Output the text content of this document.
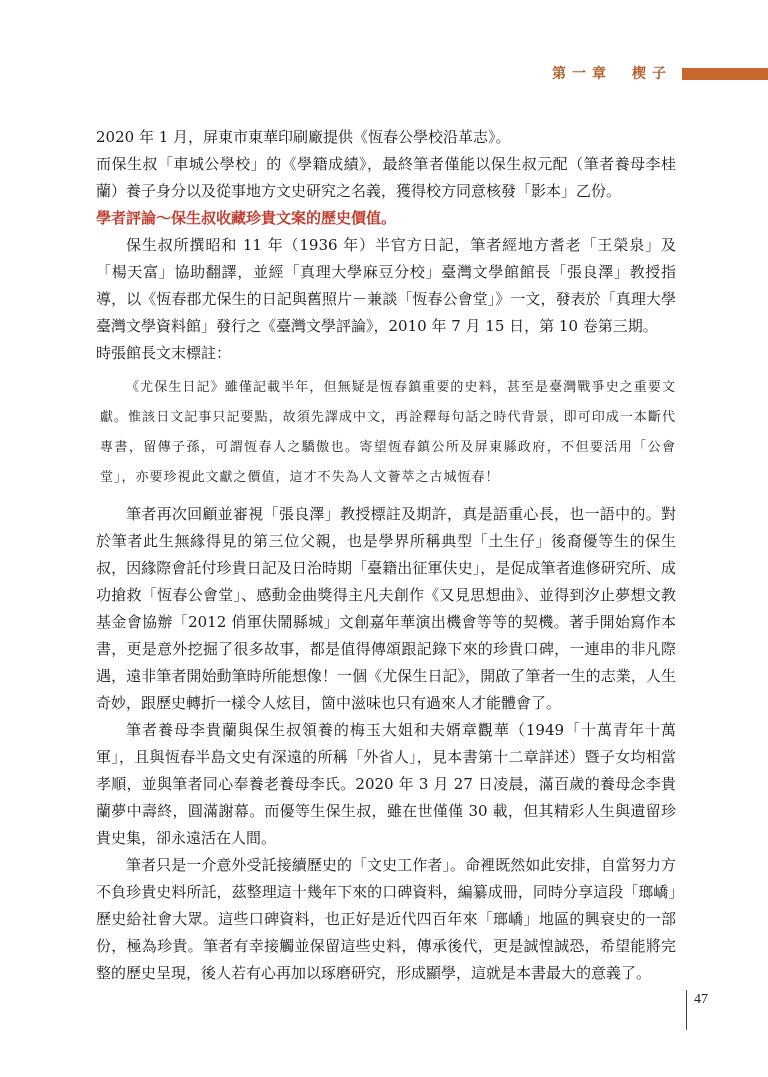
第一章　楔子

2020 年 1 月，屏東市東華印刷廠提供《恆春公學校沿革志》。

而保生叔「車城公學校」的《學籍成績》，最終筆者僅能以保生叔元配（筆者養母李桂蘭）養子身分以及從事地方文史研究之名義，獲得校方同意核發「影本」乙份。

學者評論～保生叔收藏珍貴文案的歷史價值。

保生叔所撰昭和 11 年（1936 年）半官方日記，筆者經地方耆老「王榮泉」及「楊天富」協助翻譯，並經「真理大學麻豆分校」臺灣文學館館長「張良澤」教授指導，以《恆春郡尤保生的日記與舊照片－兼談「恆春公會堂」》一文，發表於「真理大學臺灣文學資料館」發行之《臺灣文學評論》，2010 年 7 月 15 日，第 10 卷第三期。

時張館長文末標註：

《尤保生日記》雖僅記載半年，但無疑是恆春鎮重要的史料，甚至是臺灣戰爭史之重要文獻。惟該日文記事只記要點，故須先譯成中文，再詮釋每句話之時代背景，即可印成一本斷代專書，留傳子孫，可謂恆春人之驕傲也。寄望恆春鎮公所及屏東縣政府，不但要活用「公會堂」，亦要珍視此文獻之價值，這才不失為人文薈萃之古城恆春！

筆者再次回顧並審視「張良澤」教授標註及期許，真是語重心長，也一語中的。對於筆者此生無緣得見的第三位父親，也是學界所稱典型「土生仔」後裔優等生的保生叔，因緣際會託付珍貴日記及日治時期「臺籍出征軍伕史」，是促成筆者進修研究所、成功搶救「恆春公會堂」、感動金曲獎得主凡夫創作《又見思想曲》、並得到汐止夢想文教基金會協辦「2012 俏軍伕鬧縣城」文創嘉年華演出機會等等的契機。著手開始寫作本書，更是意外挖掘了很多故事，都是值得傳頌跟記錄下來的珍貴口碑，一連串的非凡際遇，遠非筆者開始動筆時所能想像！一個《尤保生日記》，開啟了筆者一生的志業，人生奇妙，跟歷史轉折一樣令人炫目，箇中滋味也只有過來人才能體會了。

筆者養母李貴蘭與保生叔領養的梅玉大姐和夫婿章觀華（1949「十萬青年十萬軍」，且與恆春半島文史有深遠的所稱「外省人」，見本書第十二章詳述）暨子女均相當孝順，並與筆者同心奉養老養母李氏。2020 年 3 月 27 日凌晨，滿百歲的養母念李貴蘭夢中壽終，圓滿謝幕。而優等生保生叔，雖在世僅僅 30 載，但其精彩人生與遺留珍貴史集，卻永遠活在人間。

筆者只是一介意外受託接續歷史的「文史工作者」。命裡既然如此安排，自當努力方不負珍貴史料所託，茲整理這十幾年下來的口碑資料，編纂成冊，同時分享這段「瑯嶠」歷史給社會大眾。這些口碑資料，也正好是近代四百年來「瑯嶠」地區的興衰史的一部份，極為珍貴。筆者有幸接觸並保留這些史料，傳承後代，更是誠惶誠恐，希望能將完整的歷史呈現，後人若有心再加以琢磨研究，形成顯學，這就是本書最大的意義了。

47
